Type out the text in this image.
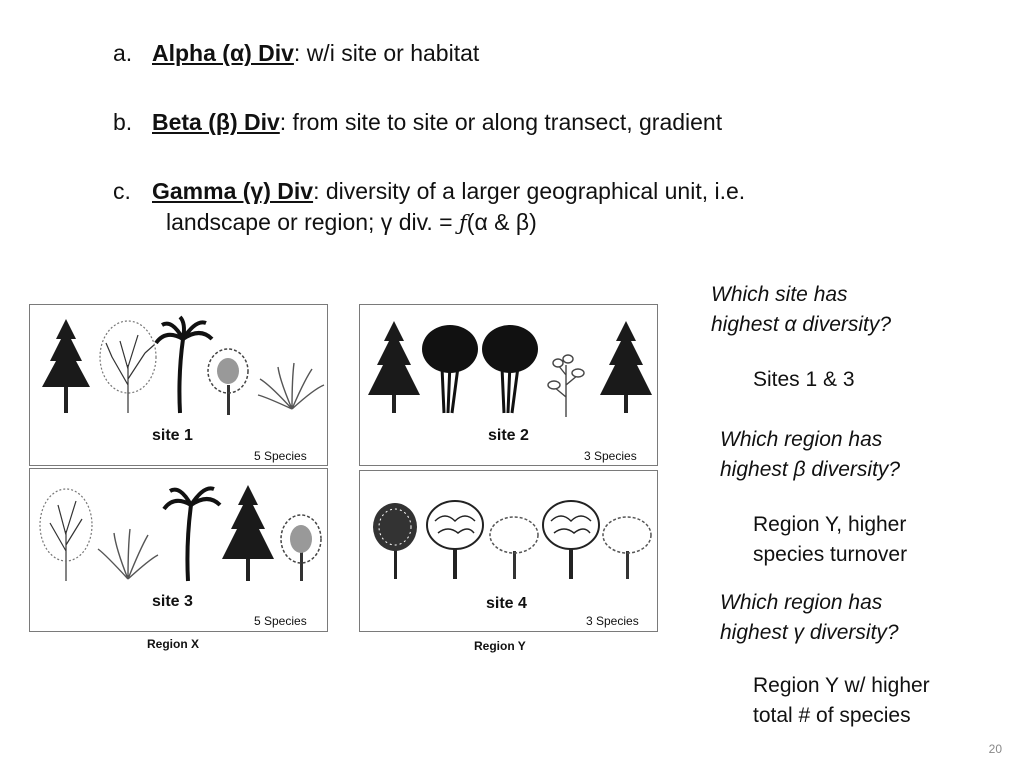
a. Alpha (α) Div: w/i site or habitat
b. Beta (β) Div: from site to site or along transect, gradient
c. Gamma (γ) Div: diversity of a larger geographical unit, i.e.
landscape or region; γ div. = ƒ(α & β)
site 1
5 Species
site 2
3 Species
site 3
5 Species
site 4
3 Species
Region X	Region Y
Which site has
highest α diversity?
Sites 1 & 3
Which region has
highest β diversity?
Region Y, higher
species turnover
Which region has
highest γ diversity?
Region Y w/ higher
total # of species
20
